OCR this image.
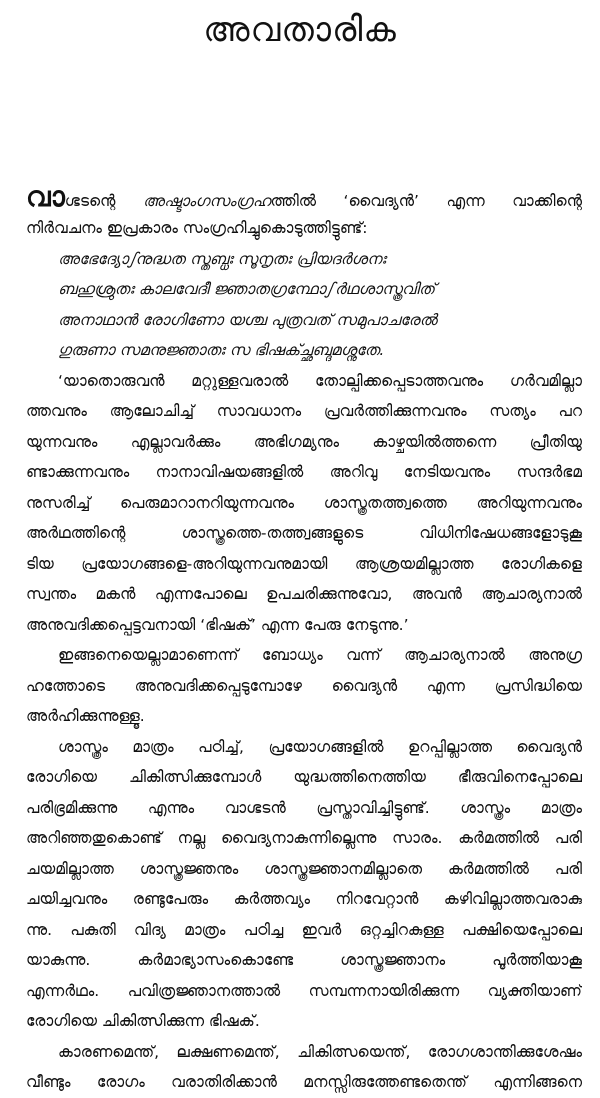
അവതാരിക
വാഗ്ഭടന്റെ അഷ്ടാംഗസംഗ്രഹത്തിൽ ‘വൈദ്യൻ’ എന്ന വാക്കിന്റെ
നിർവചനം ഇപ്രകാരം സംഗ്രഹിച്ചുകൊടുത്തിട്ടുണ്ട്:
അഭേദ്യോഽനുദ്ധത സ്തബ്ധഃ സൂനൃതഃ പ്രിയദർശനഃ
ബഹുശ്രുതഃ കാലവേദീ ജ്ഞാതഗ്രന്ഥോഽർഥശാസ്ത്രവിത്
അനാഥാൻ രോഗിണോ യശ്ച പുത്രവത് സമുപാചരേൽ
ഗുരുണാ സമനുജ്ഞാതഃ സ ഭിഷക്ച്ഛബ്ദമശ്നുതേ.
‘യാതൊരുവൻ മറ്റുള്ളവരാൽ തോല്പിക്കപ്പെടാത്തവനും ഗർവമില്ലാ
ത്തവനും ആലോചിച്ച് സാവധാനം പ്രവർത്തിക്കുന്നവനും സത്യം പറ
യുന്നവനും എല്ലാവർക്കും അഭിഗമ്യനും കാഴ്ചയിൽത്തന്നെ പ്രീതിയു
ണ്ടാക്കുന്നവനും നാനാവിഷയങ്ങളിൽ അറിവു നേടിയവനും സന്ദർഭമ
നുസരിച്ച് പെരുമാറാനറിയുന്നവനും ശാസ്ത്രതത്ത്വത്തെ അറിയുന്നവനും
അർഥത്തിന്റെ ശാസ്ത്രത്തെ-തത്ത്വങ്ങളുടെ വിധിനിഷേധങ്ങളോടുകൂ
ടിയ പ്രയോഗങ്ങളെ-അറിയുന്നവനുമായി ആശ്രയമില്ലാത്ത രോഗികളെ
സ്വന്തം മകൻ എന്നപോലെ ഉപചരിക്കുന്നുവോ, അവൻ ആചാര്യനാൽ
അനുവദിക്കപ്പെട്ടവനായി ‘ഭിഷക്’ എന്ന പേരു നേടുന്നു.’
ഇങ്ങനെയെല്ലാമാണെന്ന് ബോധ്യം വന്ന് ആചാര്യനാൽ അനുഗ്ര
ഹത്തോടെ അനുവദിക്കപ്പെടുമ്പോഴേ വൈദ്യൻ എന്ന പ്രസിദ്ധിയെ
അർഹിക്കുന്നുള്ളൂ.
ശാസ്ത്രം മാത്രം പഠിച്ച്, പ്രയോഗങ്ങളിൽ ഉറപ്പില്ലാത്ത വൈദ്യൻ
രോഗിയെ ചികിത്സിക്കുമ്പോൾ യുദ്ധത്തിനെത്തിയ ഭീരുവിനെപ്പോലെ
പരിഭ്രമിക്കുന്നു എന്നും വാഗ്ഭടൻ പ്രസ്താവിച്ചിട്ടുണ്ട്. ശാസ്ത്രം മാത്രം
അറിഞ്ഞതുകൊണ്ട് നല്ല വൈദ്യനാകുന്നില്ലെന്നു സാരം. കർമത്തിൽ പരി
ചയമില്ലാത്ത ശാസ്ത്രജ്ഞനും ശാസ്ത്രജ്ഞാനമില്ലാതെ കർമത്തിൽ പരി
ചയിച്ചവനും രണ്ടുപേരും കർത്തവ്യം നിറവേറ്റാൻ കഴിവില്ലാത്തവരാകു
ന്നു. പകുതി വിദ്യ മാത്രം പഠിച്ച ഇവർ ഒറ്റച്ചിറകുള്ള പക്ഷിയെപ്പോലെ
യാകുന്നു. കർമാഭ്യാസംകൊണ്ടേ ശാസ്ത്രജ്ഞാനം പൂർത്തിയാകൂ
എന്നർഥം. പവിത്രജ്ഞാനത്താൽ സമ്പന്നനായിരിക്കുന്ന വ്യക്തിയാണ്
രോഗിയെ ചികിത്സിക്കുന്ന ഭിഷക്.
കാരണമെന്ത്, ലക്ഷണമെന്ത്, ചികിത്സയെന്ത്, രോഗശാന്തിക്കുശേഷം
വീണ്ടും രോഗം വരാതിരിക്കാൻ മനസ്സിരുത്തേണ്ടതെന്ത് എന്നിങ്ങനെ
